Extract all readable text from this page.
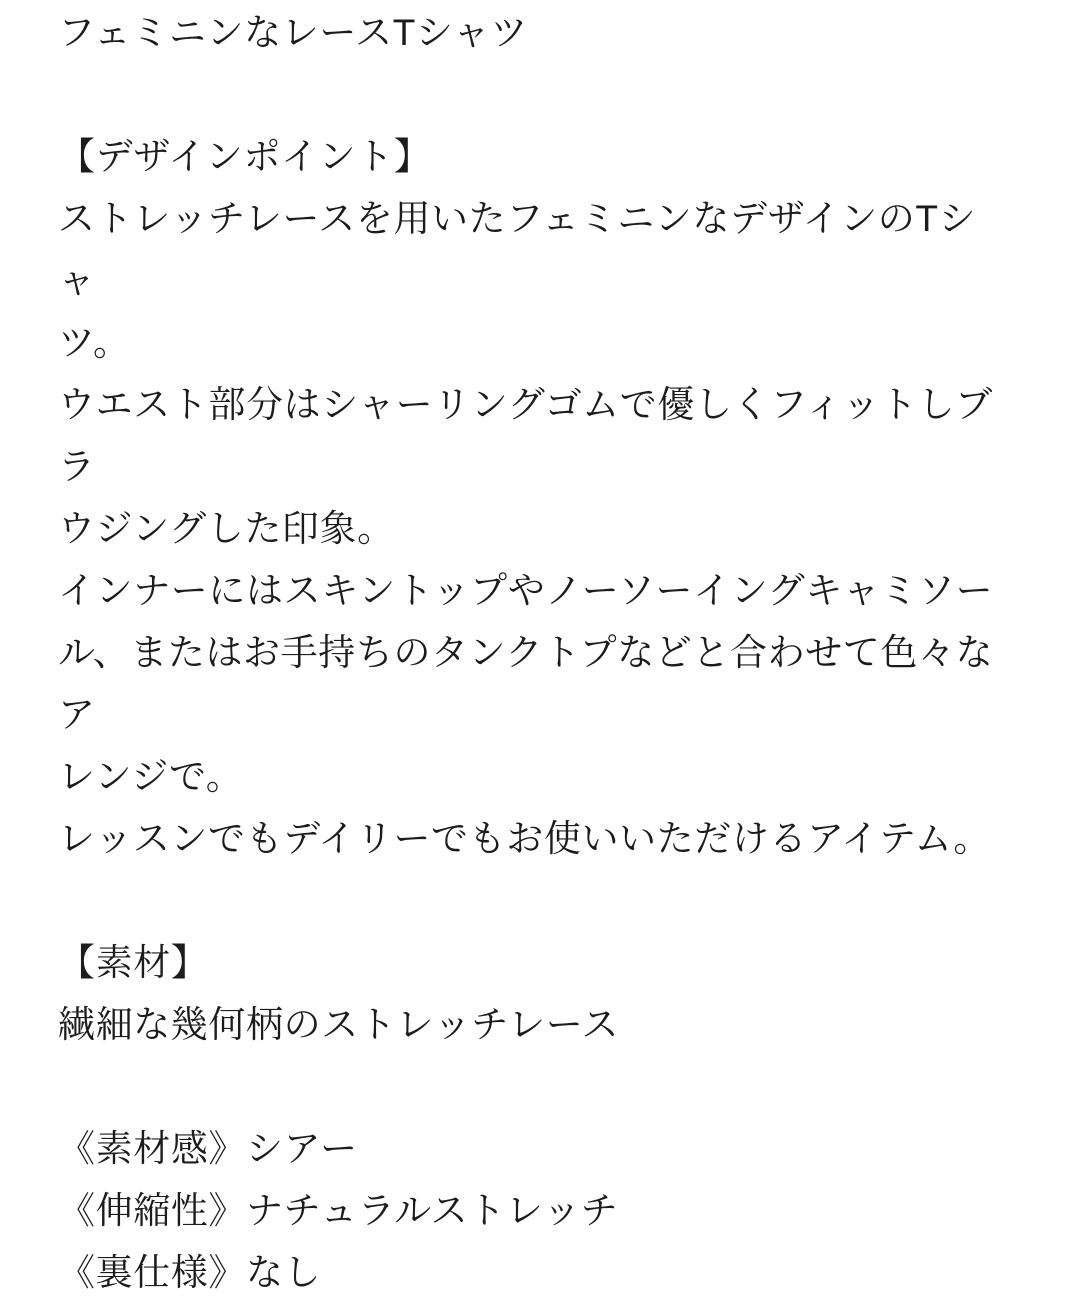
フェミニンなレースTシャツ
【デザインポイント】
ストレッチレースを用いたフェミニンなデザインのTシャ
ツ。
ウエスト部分はシャーリングゴムで優しくフィットしブラ
ウジングした印象。
インナーにはスキントップやノーソーイングキャミソー
ル、またはお手持ちのタンクトプなどと合わせて色々なア
レンジで。
レッスンでもデイリーでもお使いいただけるアイテム。
【素材】
繊細な幾何柄のストレッチレース
《素材感》シアー
《伸縮性》ナチュラルストレッチ
《裏仕様》なし
